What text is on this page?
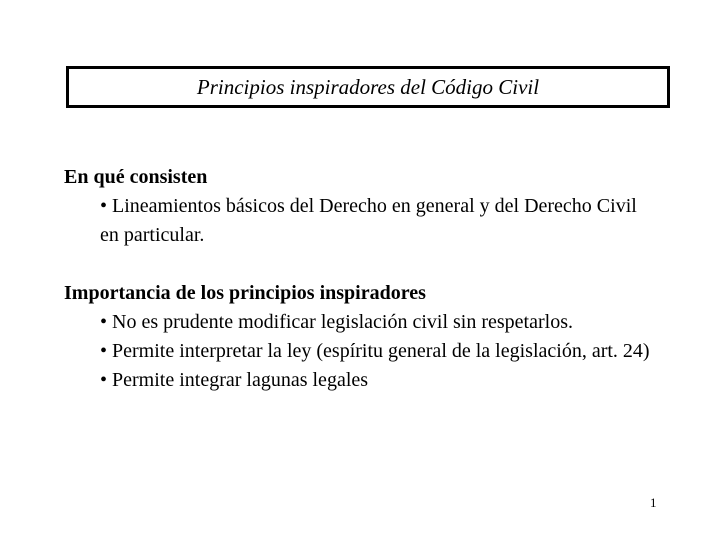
Principios inspiradores del Código Civil

En qué consisten

• Lineamientos básicos del Derecho en general y del Derecho Civil en particular.

Importancia de los principios inspiradores

• No es prudente modificar legislación civil sin respetarlos.
• Permite interpretar la ley (espíritu general de la legislación, art. 24)
• Permite integrar lagunas legales
1
